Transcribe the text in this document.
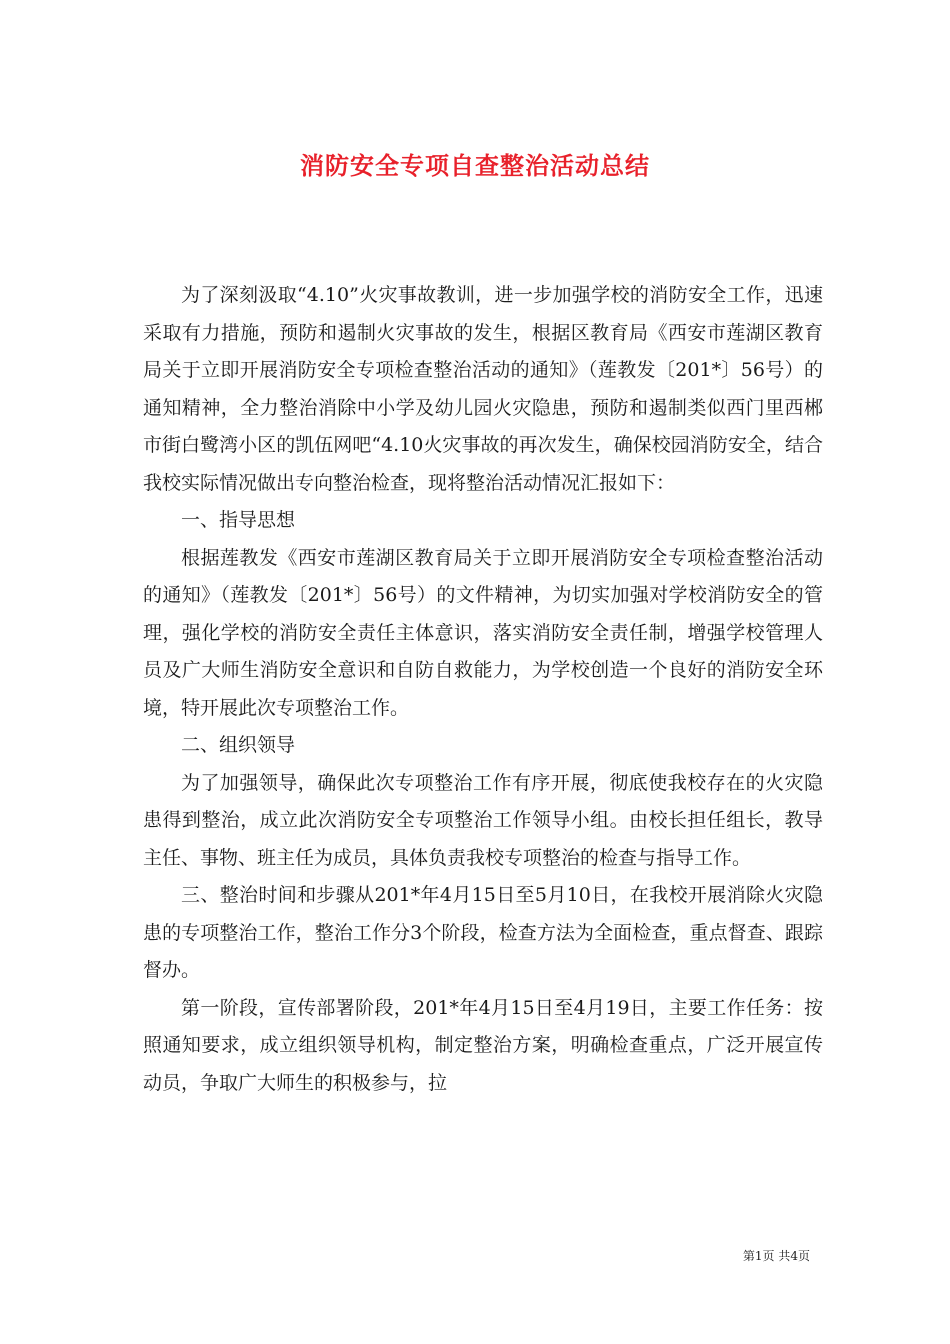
消防安全专项自查整治活动总结

为了深刻汲取“4.10”火灾事故教训，进一步加强学校的消防安全工作，迅速采取有力措施，预防和遏制火灾事故的发生，根据区教育局《西安市莲湖区教育局关于立即开展消防安全专项检查整治活动的通知》（莲教发〔201*〕56号）的通知精神，全力整治消除中小学及幼儿园火灾隐患，预防和遏制类似西门里西郴市街白鹭湾小区的凯伍网吧“4.10火灾事故的再次发生，确保校园消防安全，结合我校实际情况做出专向整治检查，现将整治活动情况汇报如下：

一、指导思想

根据莲教发《西安市莲湖区教育局关于立即开展消防安全专项检查整治活动的通知》（莲教发〔201*〕56号）的文件精神，为切实加强对学校消防安全的管理，强化学校的消防安全责任主体意识，落实消防安全责任制，增强学校管理人员及广大师生消防安全意识和自防自救能力，为学校创造一个良好的消防安全环境，特开展此次专项整治工作。

二、组织领导

为了加强领导，确保此次专项整治工作有序开展，彻底使我校存在的火灾隐患得到整治，成立此次消防安全专项整治工作领导小组。由校长担任组长，教导主任、事物、班主任为成员，具体负责我校专项整治的检查与指导工作。

三、整治时间和步骤从201*年4月15日至5月10日，在我校开展消除火灾隐患的专项整治工作，整治工作分3个阶段，检查方法为全面检查，重点督查、跟踪督办。

第一阶段，宣传部署阶段，201*年4月15日至4月19日，主要工作任务：按照通知要求，成立组织领导机构，制定整治方案，明确检查重点，广泛开展宣传动员，争取广大师生的积极参与，拉

第1页 共4页
